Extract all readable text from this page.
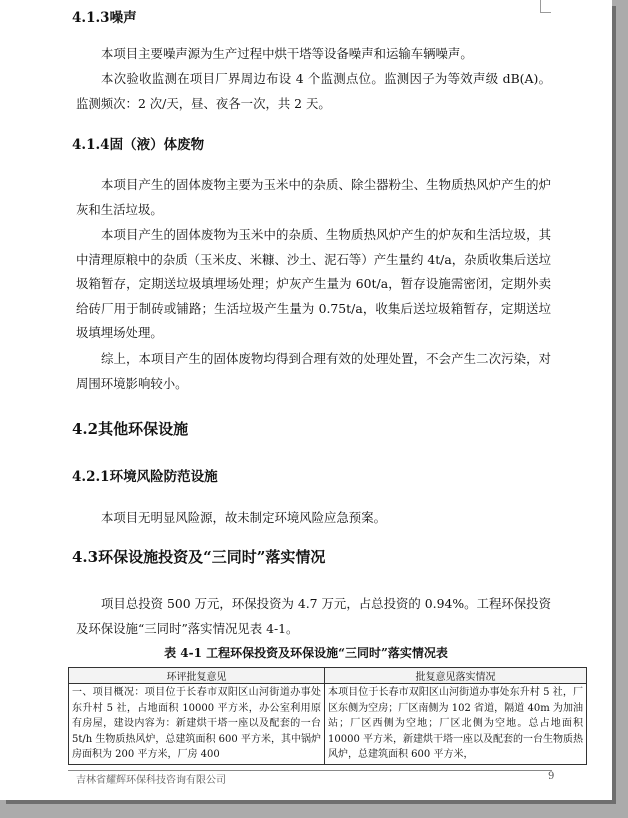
4.1.3噪声

本项目主要噪声源为生产过程中烘干塔等设备噪声和运输车辆噪声。

本次验收监测在项目厂界周边布设 4 个监测点位。监测因子为等效声级 dB(A)。监测频次：2 次/天，昼、夜各一次，共 2 天。

4.1.4固（液）体废物

本项目产生的固体废物主要为玉米中的杂质、除尘器粉尘、生物质热风炉产生的炉灰和生活垃圾。

本项目产生的固体废物为玉米中的杂质、生物质热风炉产生的炉灰和生活垃圾，其中清理原粮中的杂质（玉米皮、米糠、沙土、泥石等）产生量约 4t/a，杂质收集后送垃圾箱暂存，定期送垃圾填埋场处理；炉灰产生量为 60t/a，暂存设施需密闭，定期外卖给砖厂用于制砖或铺路；生活垃圾产生量为 0.75t/a，收集后送垃圾箱暂存，定期送垃圾填埋场处理。

综上，本项目产生的固体废物均得到合理有效的处理处置，不会产生二次污染，对周围环境影响较小。

4.2其他环保设施
4.2.1环境风险防范设施

本项目无明显风险源，故未制定环境风险应急预案。

4.3环保设施投资及“三同时”落实情况

项目总投资 500 万元，环保投资为 4.7 万元，占总投资的 0.94%。工程环保投资及环保设施“三同时”落实情况见表 4-1。

表 4-1 工程环保投资及环保设施“三同时”落实情况表

环评批复意见	批复意见落实情况

一、项目概况：项目位于长春市双阳区山河街道办事处东升村 5 社，占地面积 10000 平方米，办公室利用原有房屋，建设内容为：新建烘干塔一座以及配套的一台 5t/h 生物质热风炉，总建筑面积 600 平方米，其中锅炉房面积为 200 平方米，厂房 400	本项目位于长春市双阳区山河街道办事处东升村 5 社，厂区东侧为空房；厂区南侧为 102 省道，隔道 40m 为加油站；厂区西侧为空地；厂区北侧为空地。总占地面积 10000 平方米，新建烘干塔一座以及配套的一台生物质热风炉，总建筑面积 600 平方米，

吉林省耀辉环保科技咨询有限公司	9
